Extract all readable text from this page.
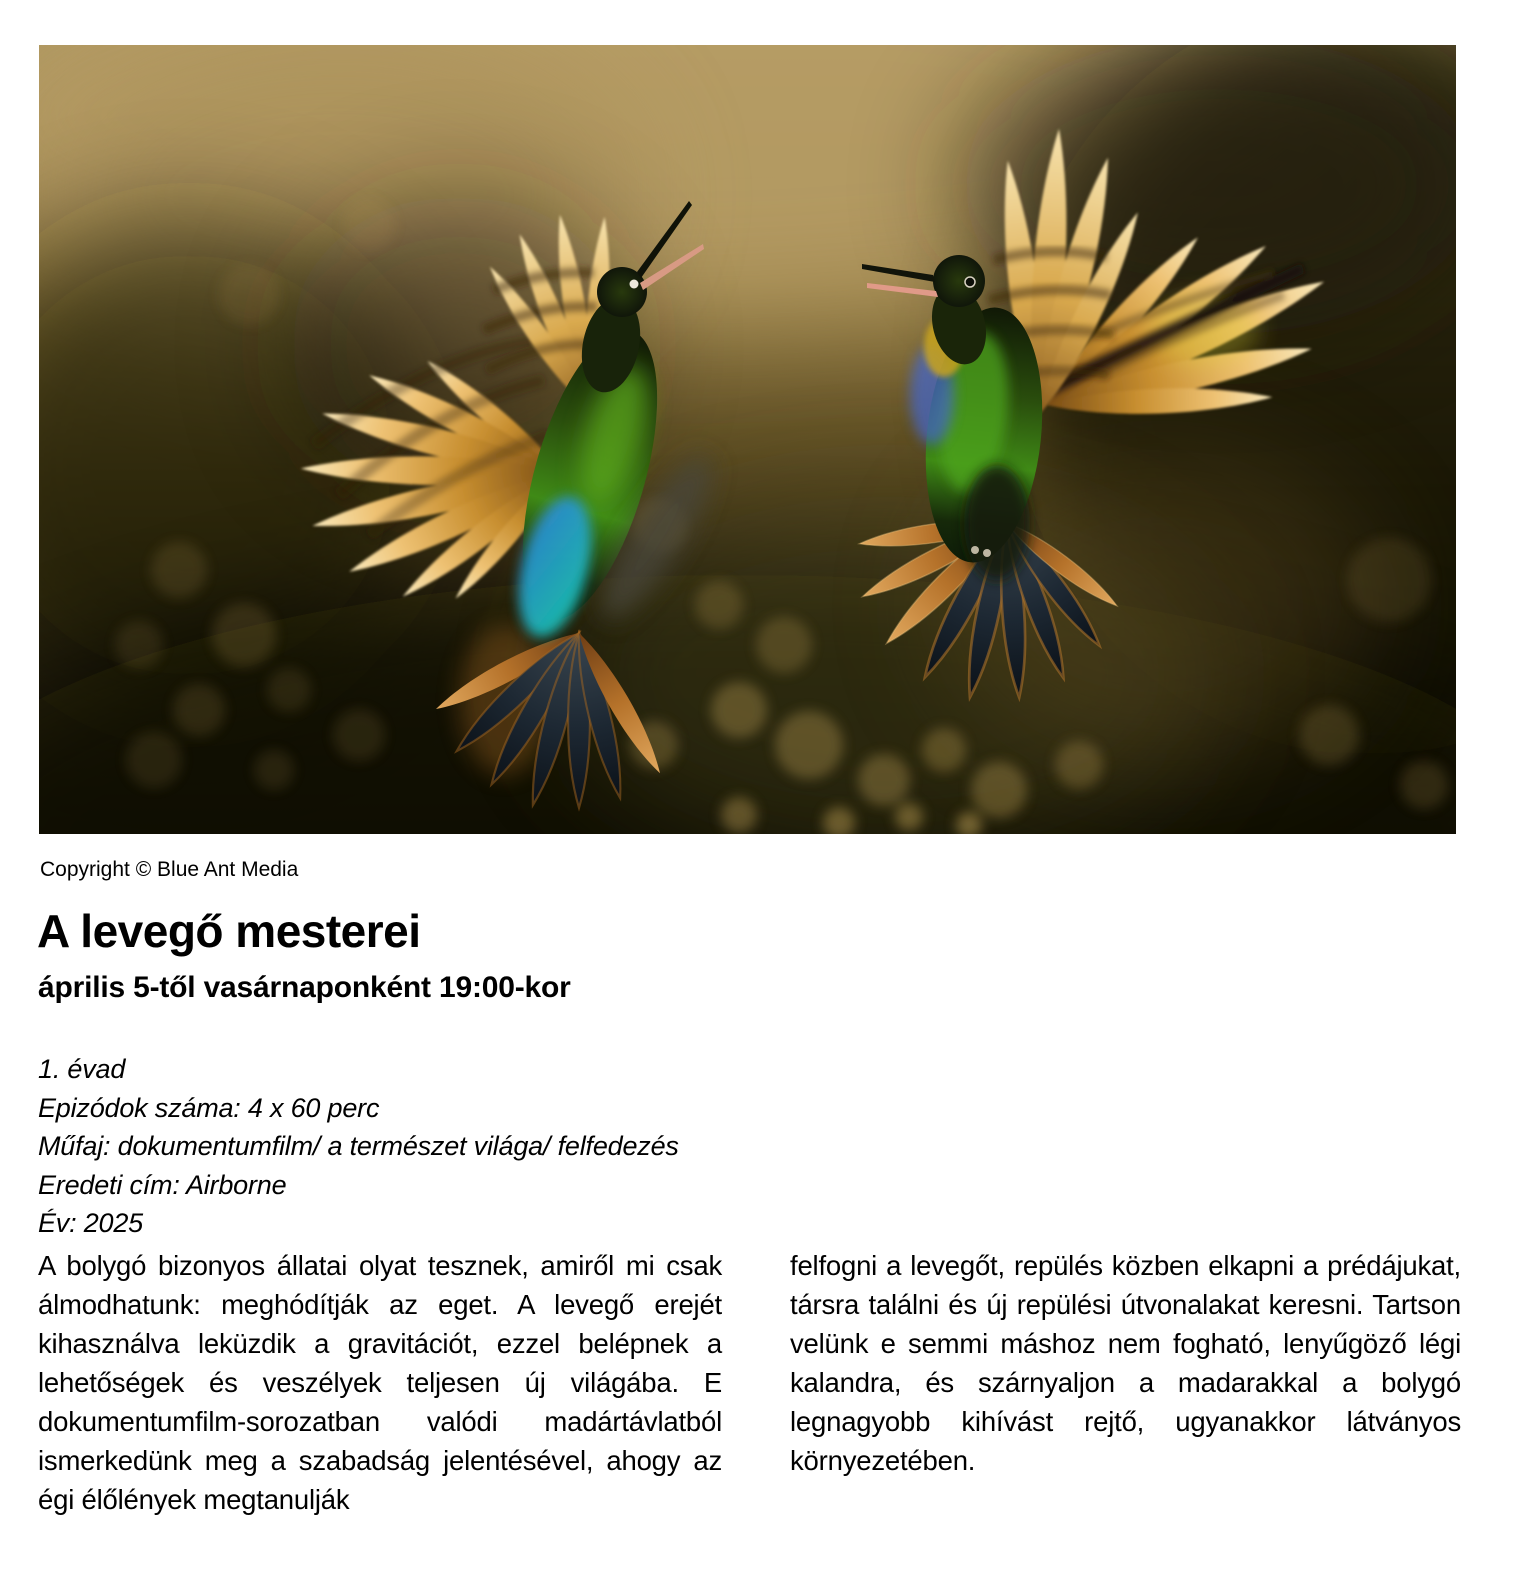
Copyright © Blue Ant Media
A levegő mesterei
április 5-től vasárnaponként 19:00-kor
1. évad
Epizódok száma: 4 x 60 perc
Műfaj: dokumentumfilm/ a természet világa/ felfedezés
Eredeti cím: Airborne
Év: 2025
A bolygó bizonyos állatai olyat tesznek, amiről mi csak álmodhatunk: meghódítják az eget. A levegő erejét kihasználva leküzdik a gravitációt, ezzel belépnek a lehetőségek és veszélyek teljesen új világába. E dokumentumfilm-sorozatban valódi madártávlatból ismerkedünk meg a szabadság jelentésével, ahogy az égi élőlények megtanulják
felfogni a levegőt, repülés közben elkapni a prédájukat, társra találni és új repülési útvonalakat keresni. Tartson velünk e semmi máshoz nem fogható, lenyűgöző légi kalandra, és szárnyaljon a madarakkal a bolygó legnagyobb kihívást rejtő, ugyanakkor látványos környezetében.
